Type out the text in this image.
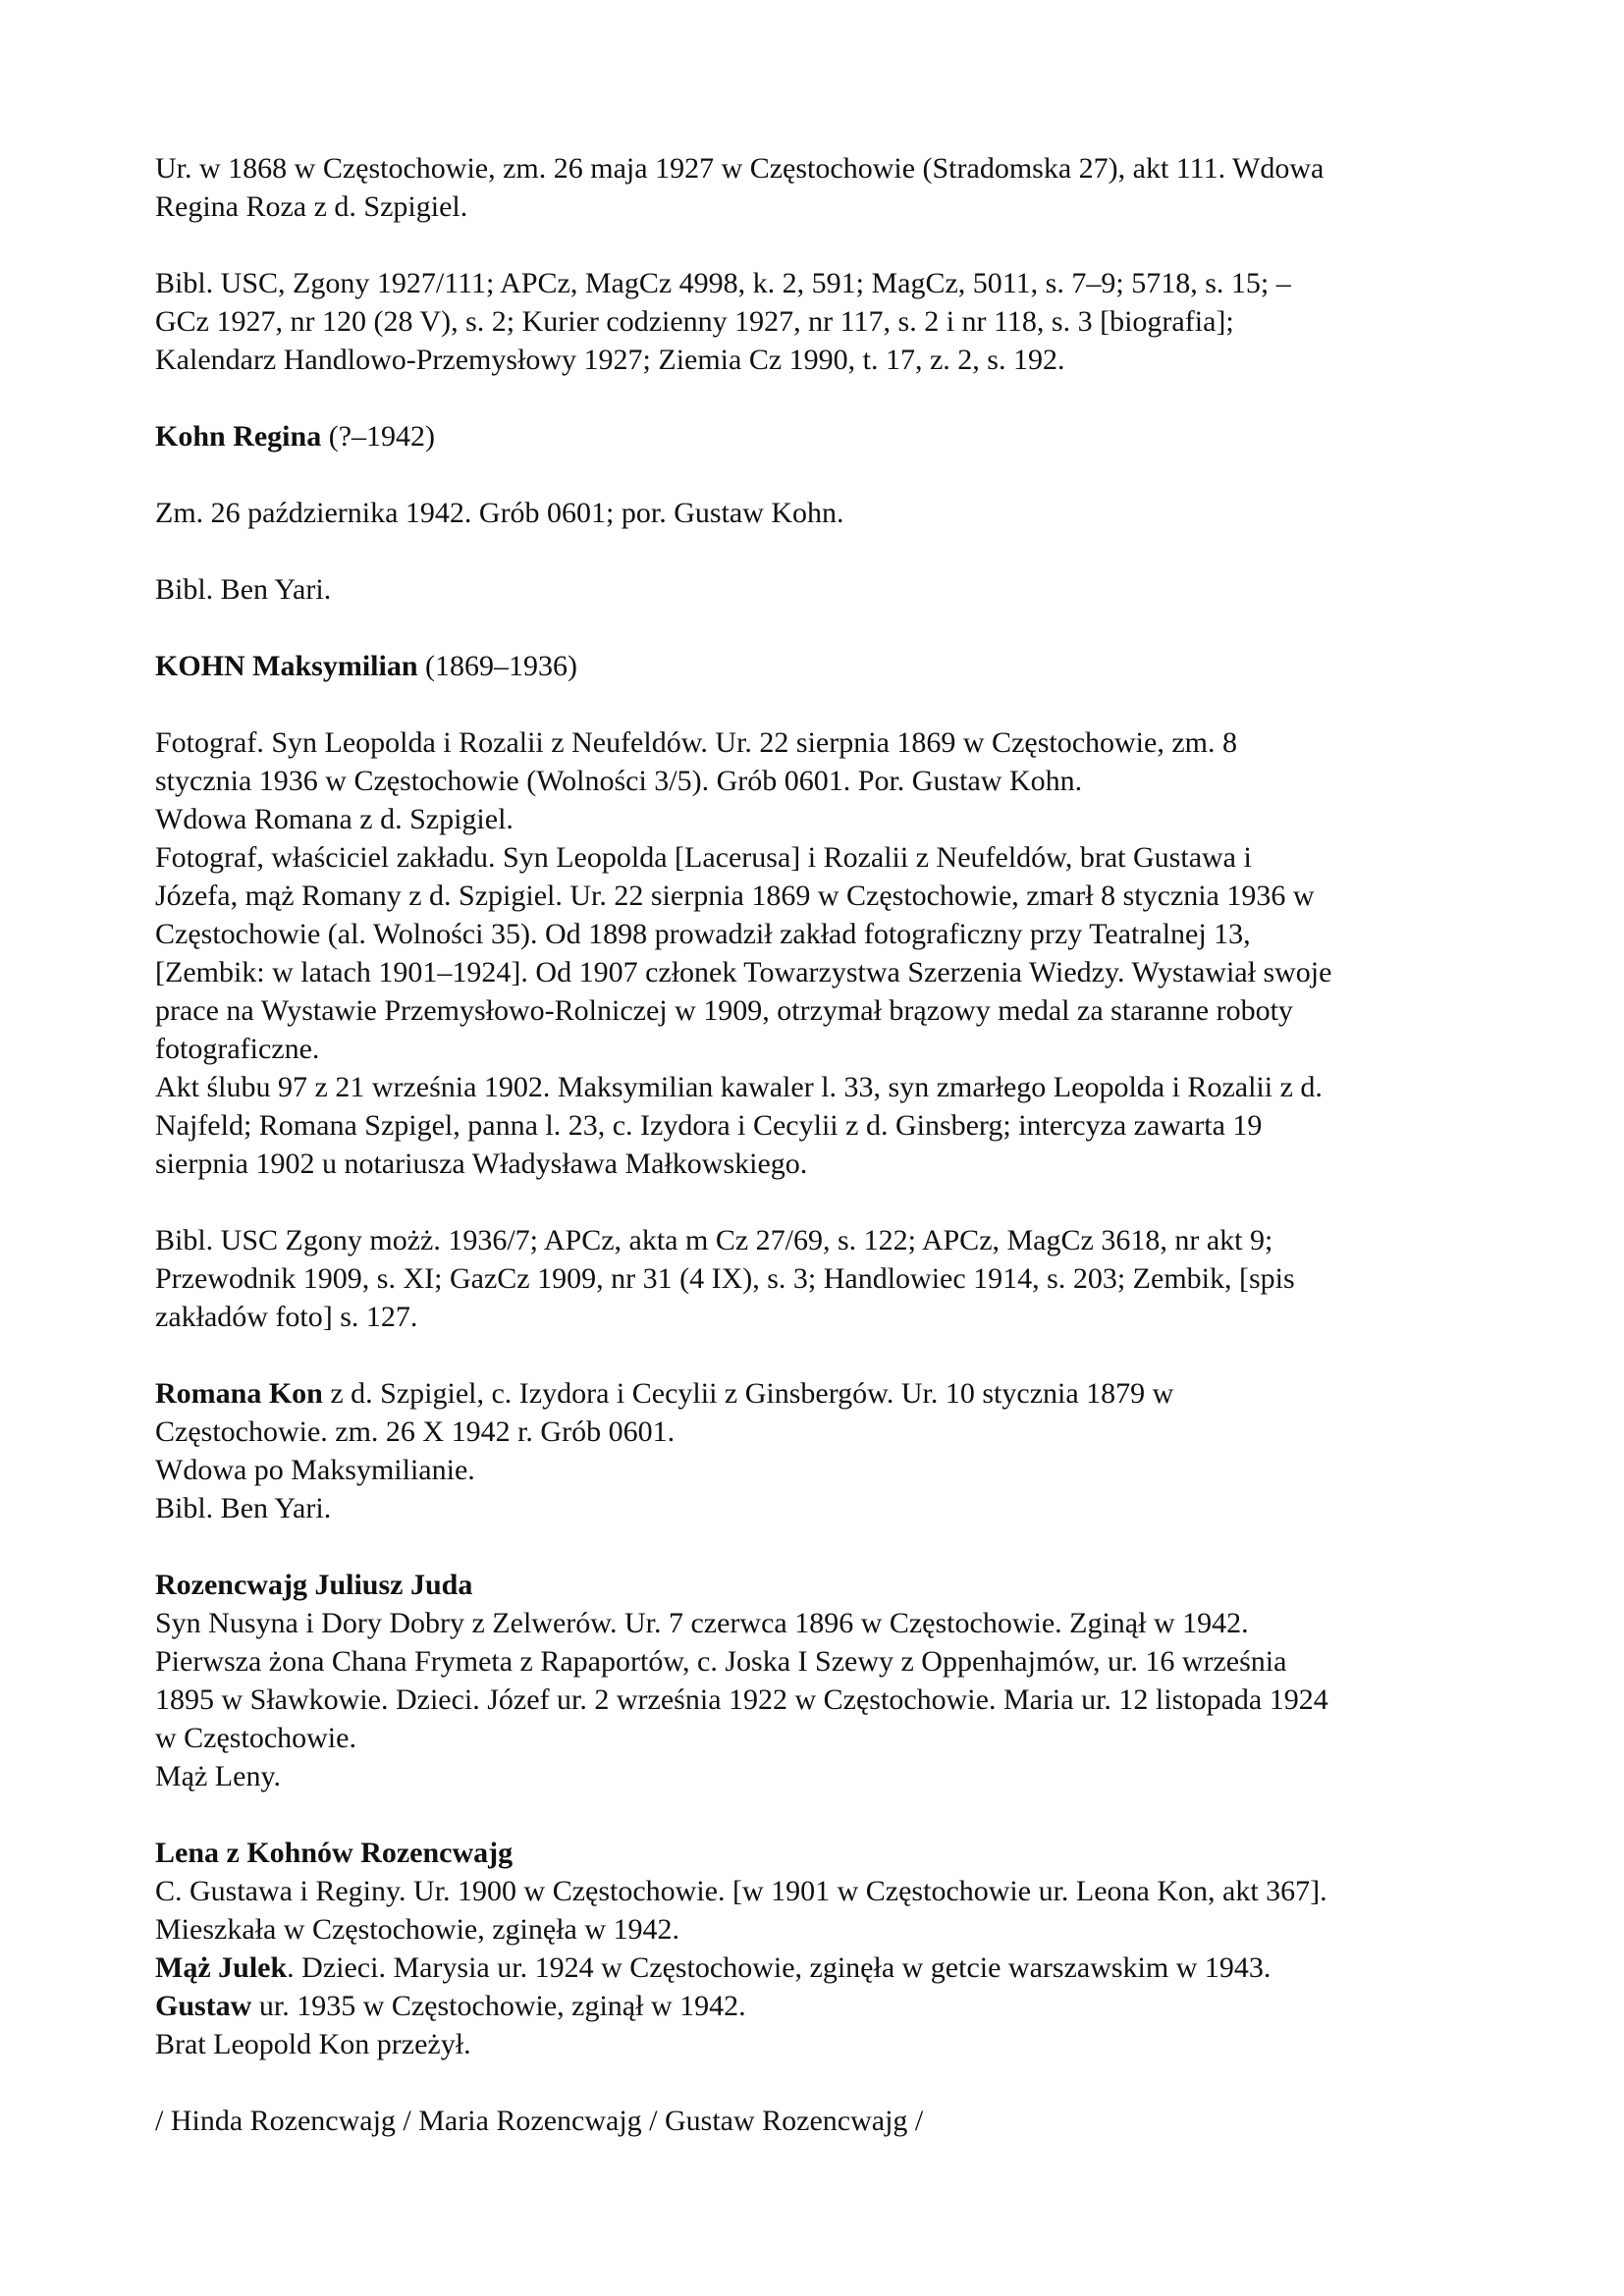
Ur. w 1868 w Częstochowie, zm. 26 maja 1927 w Częstochowie (Stradomska 27), akt 111. Wdowa

Regina Roza z d. Szpigiel.

Bibl. USC, Zgony 1927/111; APCz, MagCz 4998, k. 2, 591; MagCz, 5011, s. 7–9; 5718, s. 15; –

GCz 1927, nr 120 (28 V), s. 2; Kurier codzienny 1927, nr 117, s. 2 i nr 118, s. 3 [biografia];

Kalendarz Handlowo-Przemysłowy 1927; Ziemia Cz 1990, t. 17, z. 2, s. 192.

Kohn Regina (?–1942)

Zm. 26 października 1942. Grób 0601; por. Gustaw Kohn.

Bibl. Ben Yari.

KOHN Maksymilian (1869–1936)

Fotograf. Syn Leopolda i Rozalii z Neufeldów. Ur. 22 sierpnia 1869 w Częstochowie, zm. 8

stycznia 1936 w Częstochowie (Wolności 3/5). Grób 0601. Por. Gustaw Kohn.

Wdowa Romana z d. Szpigiel.

Fotograf, właściciel zakładu. Syn Leopolda [Lacerusa] i Rozalii z Neufeldów, brat Gustawa i

Józefa, mąż Romany z d. Szpigiel. Ur. 22 sierpnia 1869 w Częstochowie, zmarł 8 stycznia 1936 w

Częstochowie (al. Wolności 35). Od 1898 prowadził zakład fotograficzny przy Teatralnej 13,

[Zembik: w latach 1901–1924]. Od 1907 członek Towarzystwa Szerzenia Wiedzy. Wystawiał swoje

prace na Wystawie Przemysłowo-Rolniczej w 1909, otrzymał brązowy medal za staranne roboty

fotograficzne.

Akt ślubu 97 z 21 września 1902. Maksymilian kawaler l. 33, syn zmarłego Leopolda i Rozalii z d.

Najfeld; Romana Szpigel, panna l. 23, c. Izydora i Cecylii z d. Ginsberg; intercyza zawarta 19

sierpnia 1902 u notariusza Władysława Małkowskiego.

Bibl. USC Zgony możż. 1936/7; APCz, akta m Cz 27/69, s. 122; APCz, MagCz 3618, nr akt 9;

Przewodnik 1909, s. XI; GazCz 1909, nr 31 (4 IX), s. 3; Handlowiec 1914, s. 203; Zembik, [spis

zakładów foto] s. 127.

Romana Kon z d. Szpigiel, c. Izydora i Cecylii z Ginsbergów. Ur. 10 stycznia 1879 w

Częstochowie. zm. 26 X 1942 r. Grób 0601.

Wdowa po Maksymilianie.

Bibl. Ben Yari.

Rozencwajg Juliusz Juda

Syn Nusyna i Dory Dobry z Zelwerów. Ur. 7 czerwca 1896 w Częstochowie. Zginął w 1942.

Pierwsza żona Chana Frymeta z Rapaportów, c. Joska I Szewy z Oppenhajmów, ur. 16 września

1895 w Sławkowie. Dzieci. Józef ur. 2 września 1922 w Częstochowie. Maria ur. 12 listopada 1924

w Częstochowie.

Mąż Leny.

Lena z Kohnów Rozencwajg

C. Gustawa i Reginy. Ur. 1900 w Częstochowie. [w 1901 w Częstochowie ur. Leona Kon, akt 367].

Mieszkała w Częstochowie, zginęła w 1942.

Mąż Julek. Dzieci. Marysia ur. 1924 w Częstochowie, zginęła w getcie warszawskim w 1943.

Gustaw ur. 1935 w Częstochowie, zginął w 1942.

Brat Leopold Kon przeżył.

/ Hinda Rozencwajg / Maria Rozencwajg / Gustaw Rozencwajg /
